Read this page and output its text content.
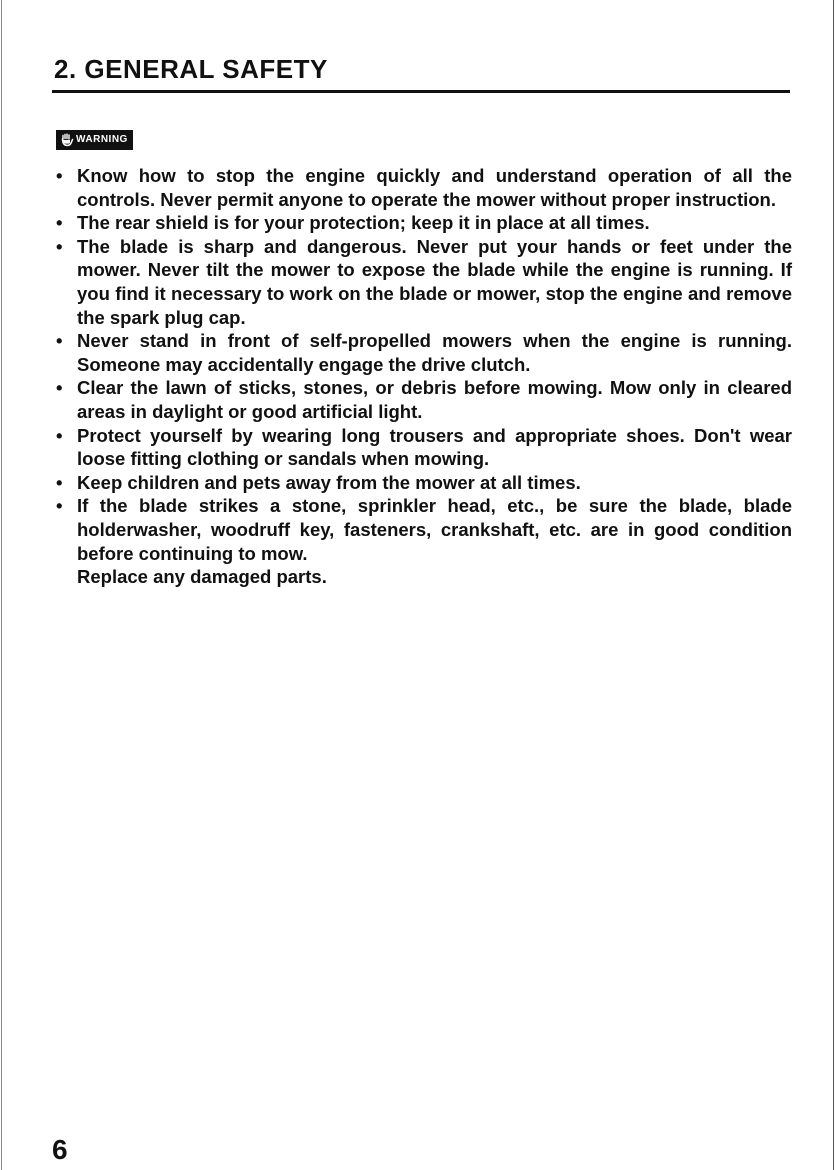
2. GENERAL SAFETY
WARNING
• Know how to stop the engine quickly and understand operation of all the controls. Never permit anyone to operate the mower without proper instruction.
• The rear shield is for your protection; keep it in place at all times.
• The blade is sharp and dangerous. Never put your hands or feet under the mower. Never tilt the mower to expose the blade while the engine is running. If you find it necessary to work on the blade or mower, stop the engine and remove the spark plug cap.
• Never stand in front of self-propelled mowers when the engine is running. Someone may accidentally engage the drive clutch.
• Clear the lawn of sticks, stones, or debris before mowing. Mow only in cleared areas in daylight or good artificial light.
• Protect yourself by wearing long trousers and appropriate shoes. Don't wear loose fitting clothing or sandals when mowing.
• Keep children and pets away from the mower at all times.
• If the blade strikes a stone, sprinkler head, etc., be sure the blade, blade holderwasher, woodruff key, fasteners, crankshaft, etc. are in good condition before continuing to mow.
Replace any damaged parts.
6
